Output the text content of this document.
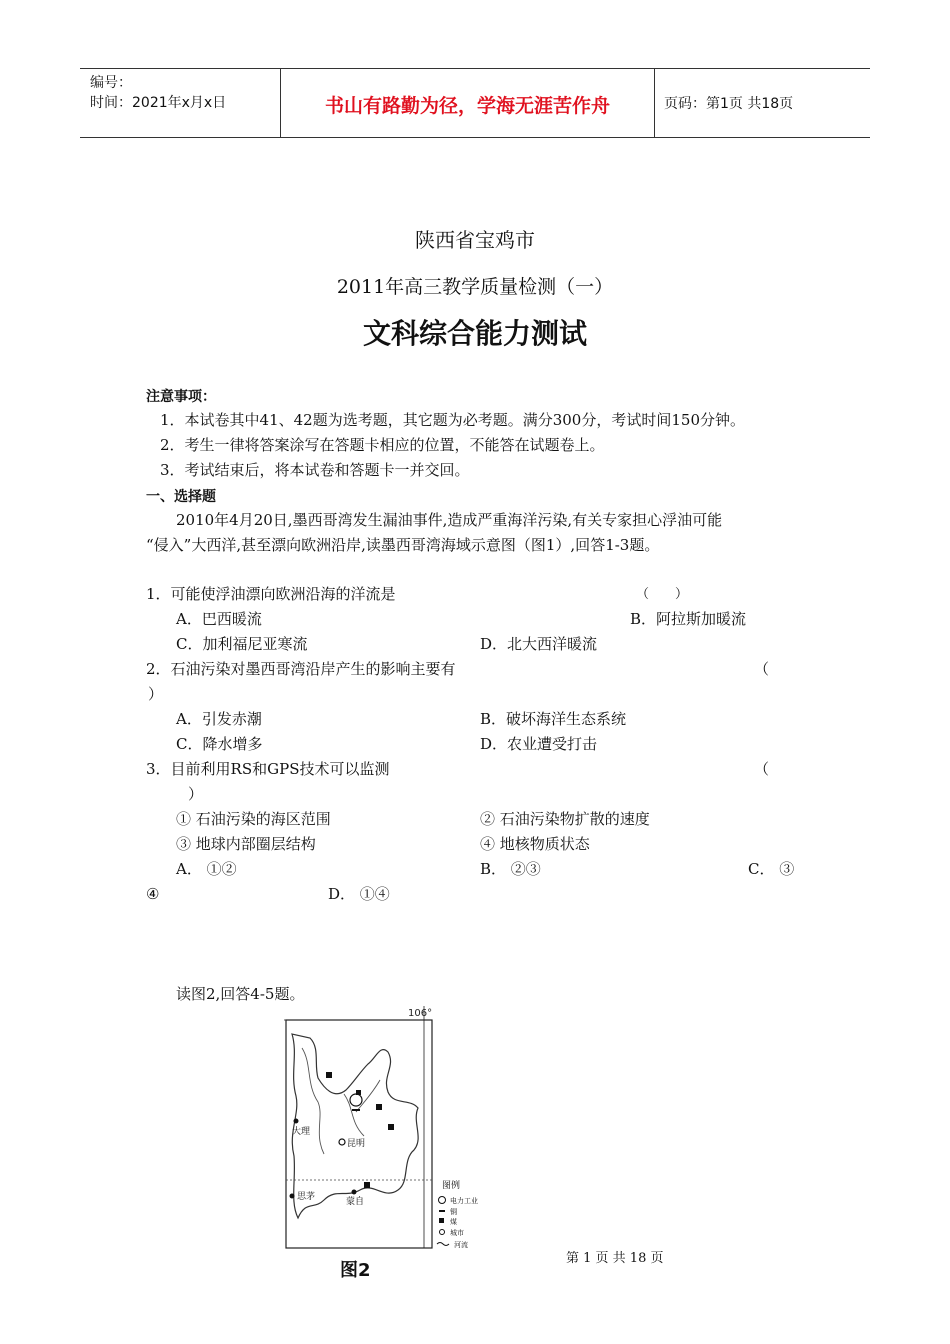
编号：
时间：2021年x月x日	书山有路勤为径，学海无涯苦作舟	页码：第1页 共18页
陕西省宝鸡市
2011年高三教学质量检测（一）
文科综合能力测试
注意事项：
1．本试卷其中41、42题为选考题，其它题为必考题。满分300分，考试时间150分钟。
2．考生一律将答案涂写在答题卡相应的位置，不能答在试题卷上。
3．考试结束后，将本试卷和答题卡一并交回。
一、选择题
2010年4月20日,墨西哥湾发生漏油事件,造成严重海洋污染,有关专家担心浮油可能
“侵入”大西洋,甚至漂向欧洲沿岸,读墨西哥湾海域示意图（图1）,回答1-3题。
1．可能使浮油漂向欧洲沿海的洋流是	（　　）
A．巴西暖流	B．阿拉斯加暖流
C．加利福尼亚寒流	D．北大西洋暖流
2．石油污染对墨西哥湾沿岸产生的影响主要有	（
）
A．引发赤潮	B．破坏海洋生态系统
C．降水增多	D．农业遭受打击
3．目前利用RS和GPS技术可以监测	（
）
① 石油污染的海区范围	② 石油污染物扩散的速度
③ 地球内部圈层结构	④ 地核物质状态
A． ①②	B． ②③	C． ③
④	D． ①④
读图2,回答4-5题。
106°
大理
昆明
思茅	蒙自
图例
电力工业
铜
煤
城市
河流
图2
第 1 页 共 18 页
